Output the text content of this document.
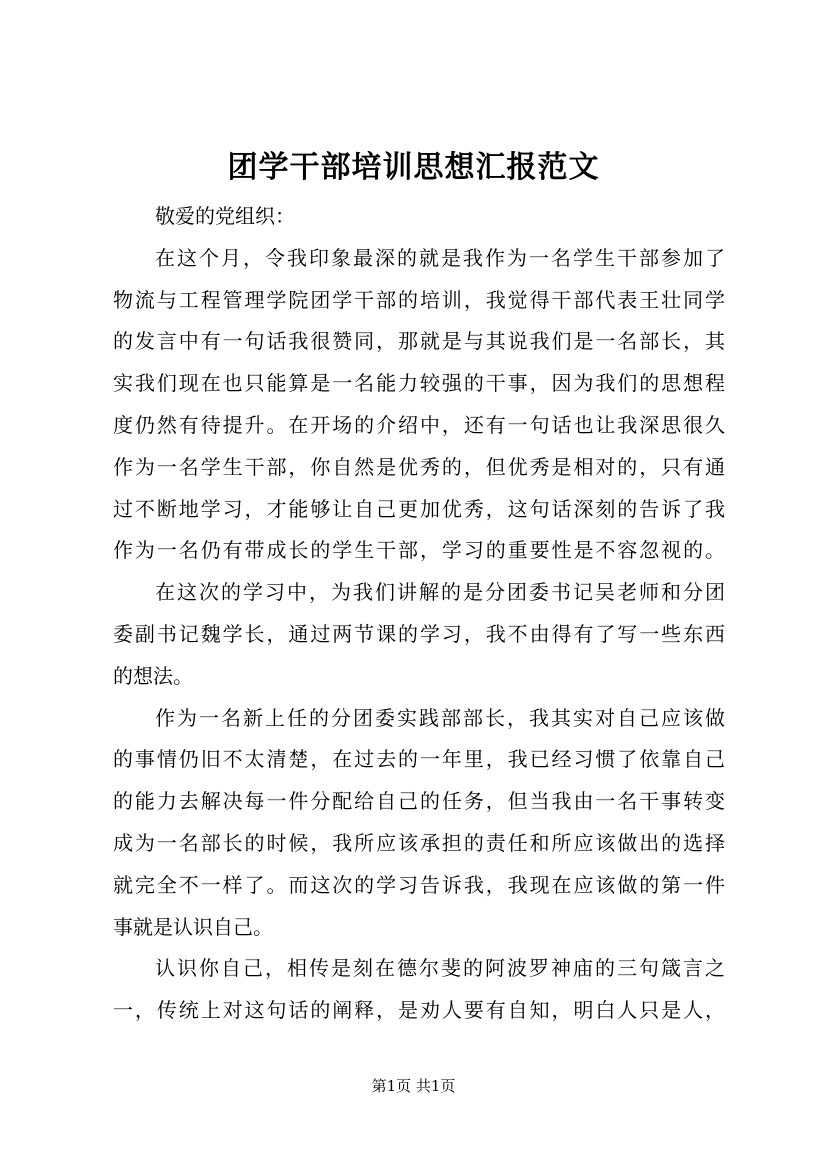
团学干部培训思想汇报范文
敬爱的党组织：
在这个月，令我印象最深的就是我作为一名学生干部参加了
物流与工程管理学院团学干部的培训，我觉得干部代表王壮同学
的发言中有一句话我很赞同，那就是与其说我们是一名部长，其
实我们现在也只能算是一名能力较强的干事，因为我们的思想程
度仍然有待提升。在开场的介绍中，还有一句话也让我深思很久
作为一名学生干部，你自然是优秀的，但优秀是相对的，只有通
过不断地学习，才能够让自己更加优秀，这句话深刻的告诉了我
作为一名仍有带成长的学生干部，学习的重要性是不容忽视的。
在这次的学习中，为我们讲解的是分团委书记吴老师和分团
委副书记魏学长，通过两节课的学习，我不由得有了写一些东西
的想法。
作为一名新上任的分团委实践部部长，我其实对自己应该做
的事情仍旧不太清楚，在过去的一年里，我已经习惯了依靠自己
的能力去解决每一件分配给自己的任务，但当我由一名干事转变
成为一名部长的时候，我所应该承担的责任和所应该做出的选择
就完全不一样了。而这次的学习告诉我，我现在应该做的第一件
事就是认识自己。
认识你自己，相传是刻在德尔斐的阿波罗神庙的三句箴言之
一，传统上对这句话的阐释，是劝人要有自知，明白人只是人，
第1页 共1页
